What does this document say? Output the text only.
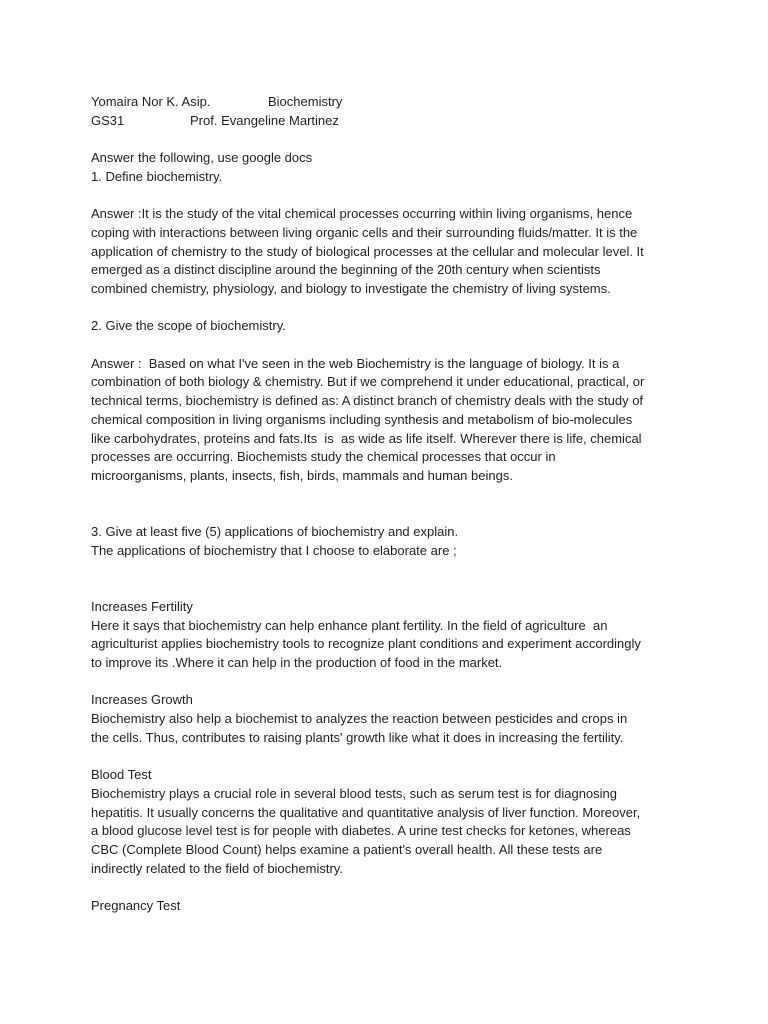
Yomaira Nor K. Asip.	Biochemistry
GS31	Prof. Evangeline Martinez
Answer the following, use google docs
1. Define biochemistry.
Answer :It is the study of the vital chemical processes occurring within living organisms, hence
coping with interactions between living organic cells and their surrounding fluids/matter. It is the
application of chemistry to the study of biological processes at the cellular and molecular level. It
emerged as a distinct discipline around the beginning of the 20th century when scientists
combined chemistry, physiology, and biology to investigate the chemistry of living systems.
2. Give the scope of biochemistry.
Answer :  Based on what I've seen in the web Biochemistry is the language of biology. It is a
combination of both biology & chemistry. But if we comprehend it under educational, practical, or
technical terms, biochemistry is defined as: A distinct branch of chemistry deals with the study of
chemical composition in living organisms including synthesis and metabolism of bio-molecules
like carbohydrates, proteins and fats.Its  is  as wide as life itself. Wherever there is life, chemical
processes are occurring. Biochemists study the chemical processes that occur in
microorganisms, plants, insects, fish, birds, mammals and human beings.
3. Give at least five (5) applications of biochemistry and explain.
The applications of biochemistry that I choose to elaborate are ;
Increases Fertility
Here it says that biochemistry can help enhance plant fertility. In the field of agriculture  an
agriculturist applies biochemistry tools to recognize plant conditions and experiment accordingly
to improve its .Where it can help in the production of food in the market.
Increases Growth
Biochemistry also help a biochemist to analyzes the reaction between pesticides and crops in
the cells. Thus, contributes to raising plants' growth like what it does in increasing the fertility.
Blood Test
Biochemistry plays a crucial role in several blood tests, such as serum test is for diagnosing
hepatitis. It usually concerns the qualitative and quantitative analysis of liver function. Moreover,
a blood glucose level test is for people with diabetes. A urine test checks for ketones, whereas
CBC (Complete Blood Count) helps examine a patient's overall health. All these tests are
indirectly related to the field of biochemistry.
Pregnancy Test
